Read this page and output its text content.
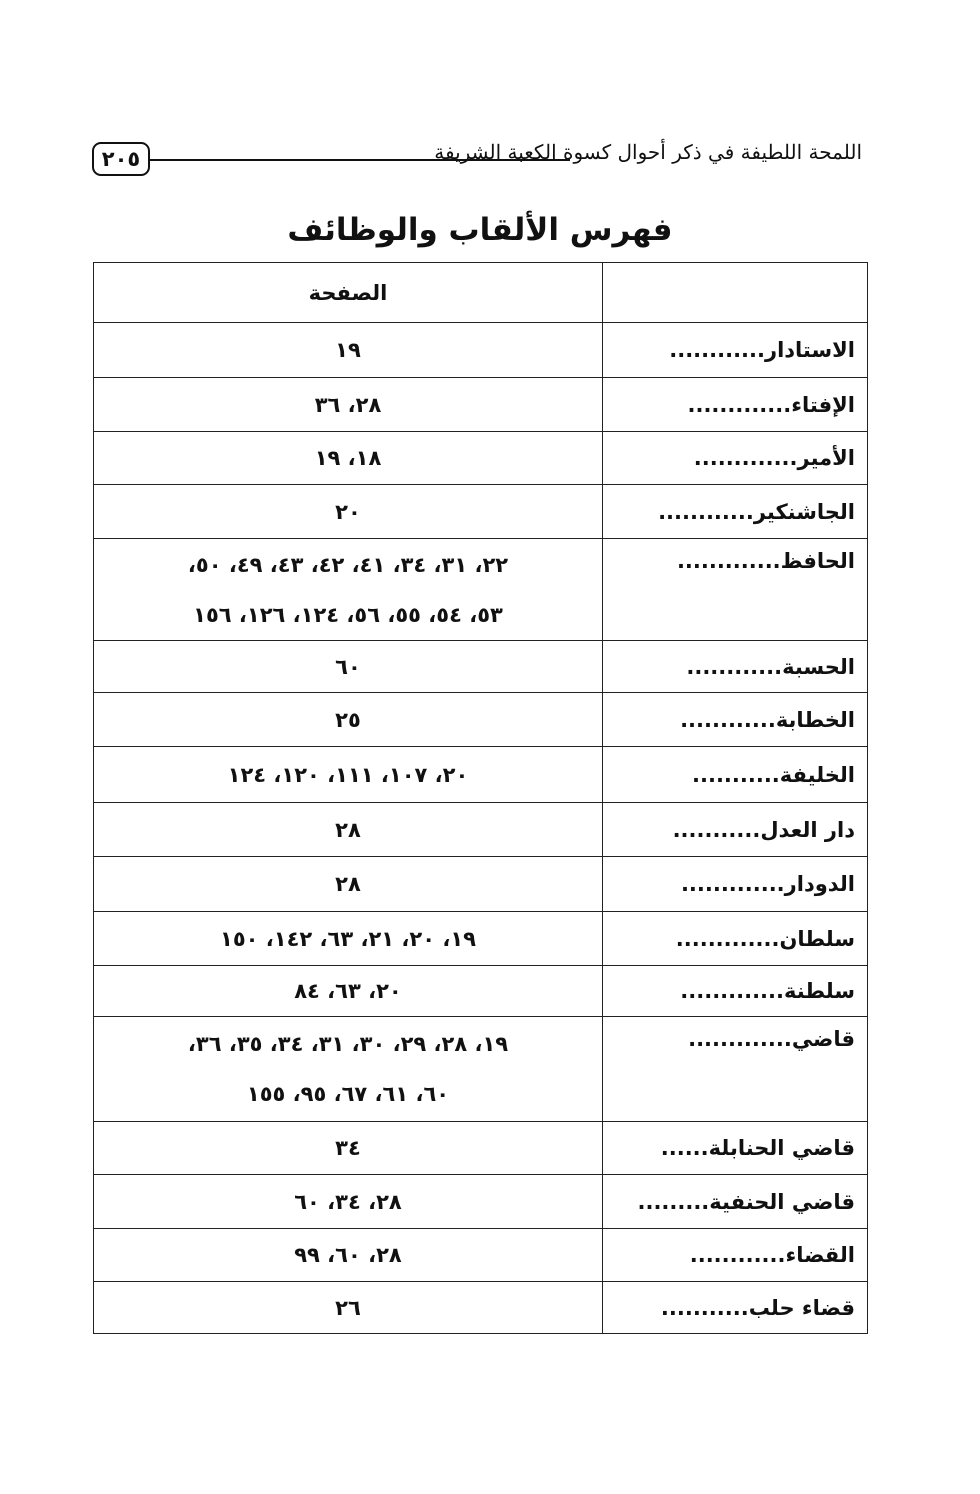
٢٠٥	اللمحة اللطيفة في ذكر أحوال كسوة الكعبة الشريفة
فهرس الألقاب والوظائف
	الصفحة
الاستادار............	١٩

الإفتاء.............	٢٨، ٣٦

الأمير.............	١٨، ١٩

الجاشنكير............	٢٠

الحافظ.............	٢٢، ٣١، ٣٤، ٤١، ٤٢، ٤٣، ٤٩، ٥٠،
٥٣، ٥٤، ٥٥، ٥٦، ١٢٤، ١٢٦، ١٥٦

الحسبة............	٦٠

الخطابة............	٢٥

الخليفة...........	٢٠، ١٠٧، ١١١، ١٢٠، ١٢٤

دار العدل...........	٢٨

الدودار.............	٢٨

سلطان.............	١٩، ٢٠، ٢١، ٦٣، ١٤٢، ١٥٠

سلطنة.............	٢٠، ٦٣، ٨٤

قاضي.............	١٩، ٢٨، ٢٩، ٣٠، ٣١، ٣٤، ٣٥، ٣٦،
٦٠، ٦١، ٦٧، ٩٥، ١٥٥

قاضي الحنابلة......	٣٤

قاضي الحنفية.........	٢٨، ٣٤، ٦٠

القضاء............	٢٨، ٦٠، ٩٩

قضاء حلب...........	٢٦
